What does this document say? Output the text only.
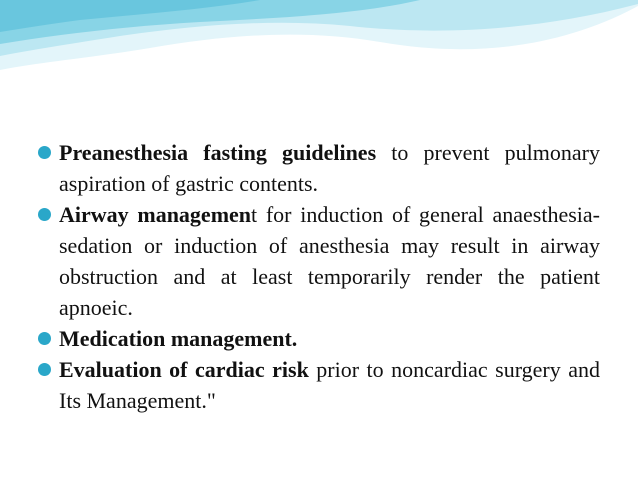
Preanesthesia fasting guidelines to prevent pulmonary aspiration of gastric contents.

Airway management for induction of general anaesthesia-sedation or induction of anesthesia may result in airway obstruction and at least temporarily render the patient apnoeic.

Medication management.

Evaluation of cardiac risk prior to noncardiac surgery and Its Management."
